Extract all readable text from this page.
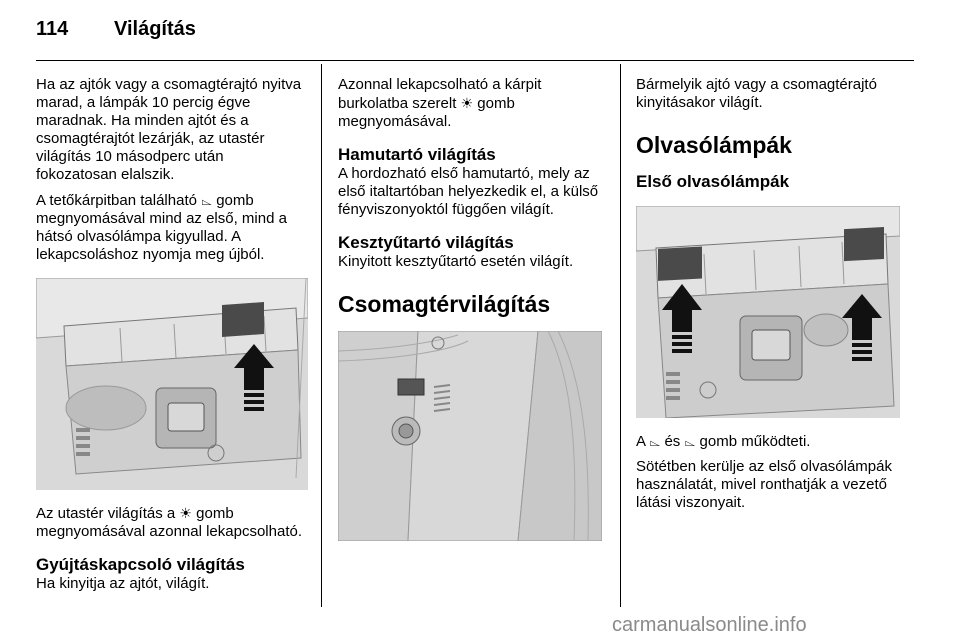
114 Világítás

Ha az ajtók vagy a csomagtérajtó nyitva marad, a lámpák 10 percig égve maradnak. Ha minden ajtót és a csomagtérajtót lezárják, az utastér világítás 10 másodperc után fokozatosan elalszik.

A tetőkárpitban található ⌳ gomb megnyomásával mind az első, mind a hátsó olvasólámpa kigyullad. A lekapcsoláshoz nyomja meg újból.

Az utastér világítás a ☀ gomb megnyomásával azonnal lekapcsolható.

Gyújtáskapcsoló világítás

Ha kinyitja az ajtót, világít.

Azonnal lekapcsolható a kárpit burkolatba szerelt ☀ gomb megnyomásával.

Hamutartó világítás

A hordozható első hamutartó, mely az első italtartóban helyezkedik el, a külső fényviszonyoktól függően világít.

Kesztyűtartó világítás

Kinyitott kesztyűtartó esetén világít.

Csomagtérvilágítás

Bármelyik ajtó vagy a csomagtérajtó kinyitásakor világít.

Olvasólámpák
Első olvasólámpák

A ⌳ és ⌳ gomb működteti.

Sötétben kerülje az első olvasólámpák használatát, mivel ronthatják a vezető látási viszonyait.

carmanualsonline.info
